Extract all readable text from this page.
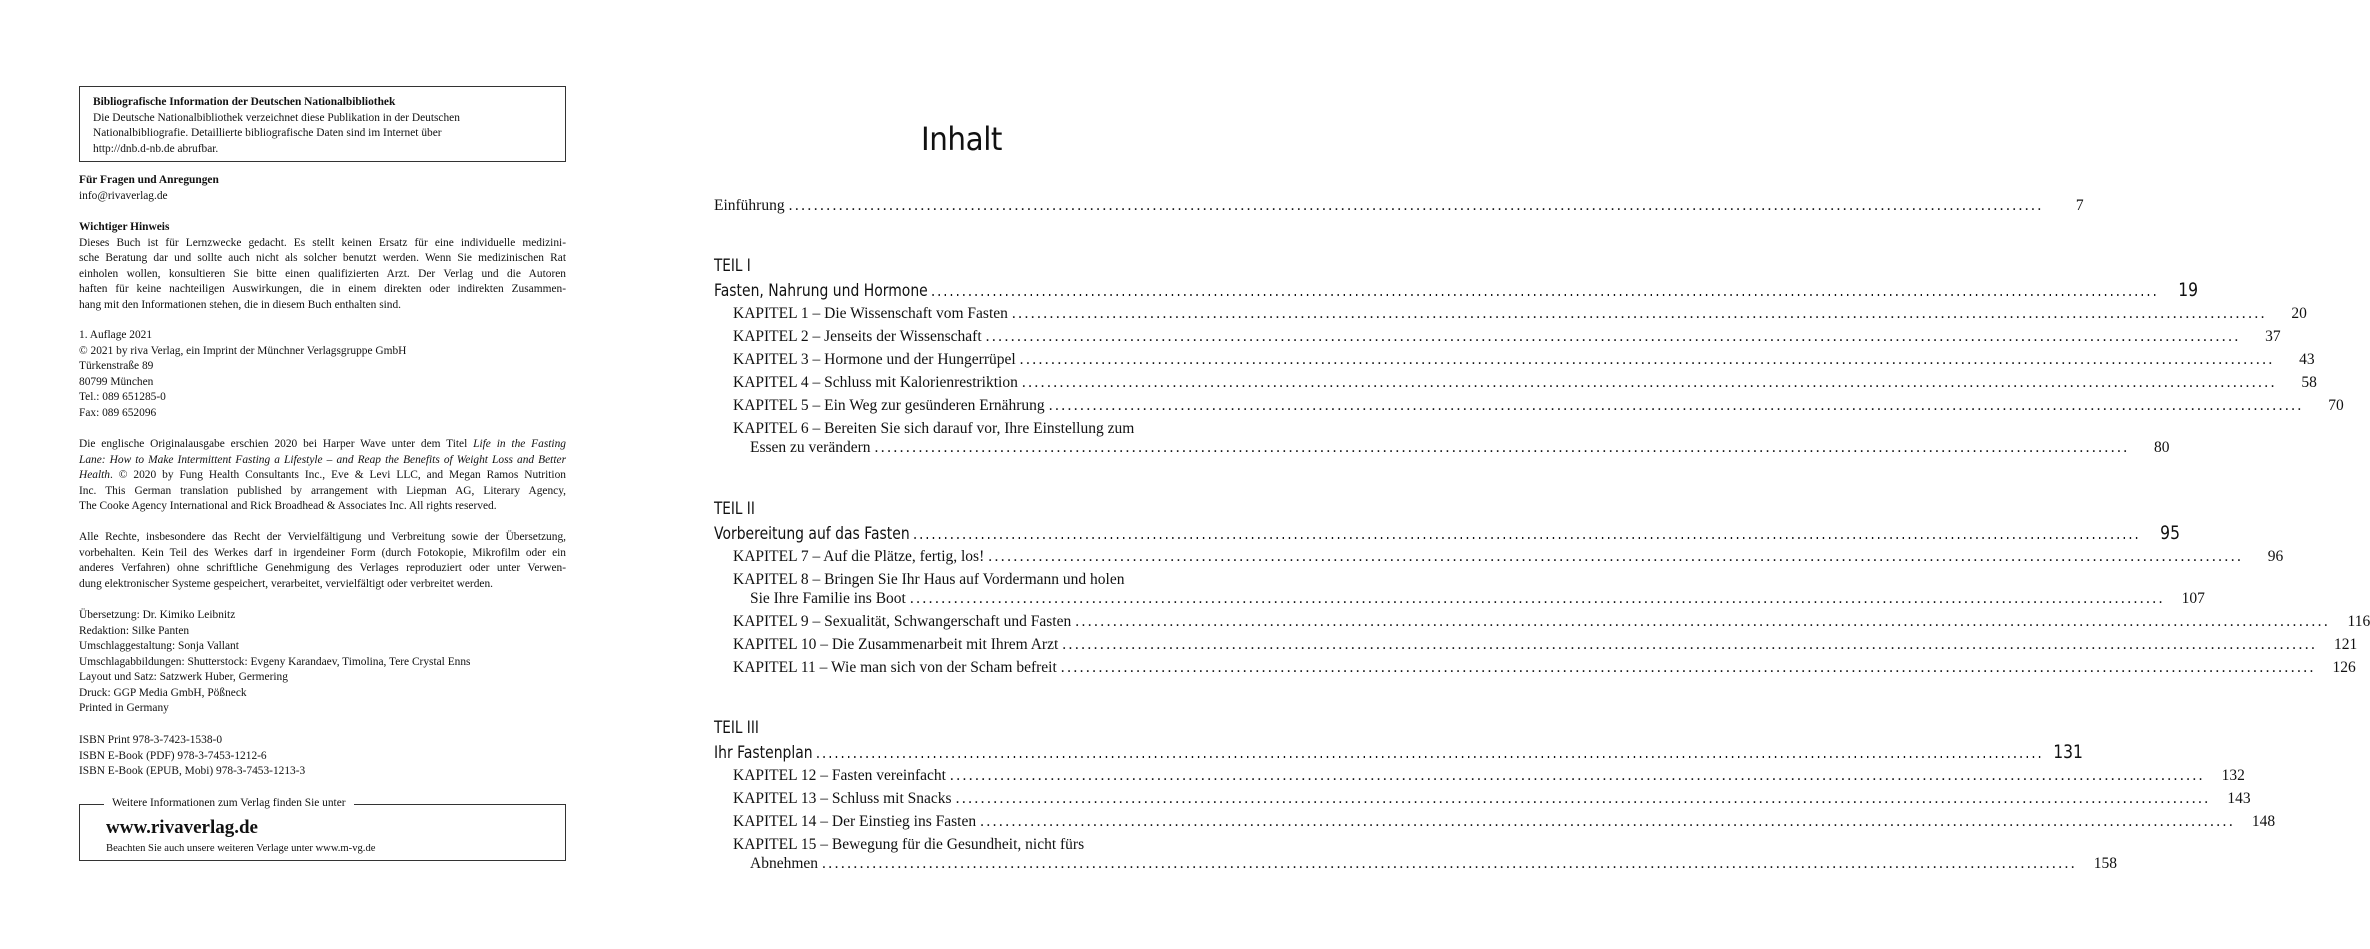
Bibliografische Information der Deutschen Nationalbibliothek
Die Deutsche Nationalbibliothek verzeichnet diese Publikation in der Deutschen
Nationalbibliografie. Detaillierte bibliografische Daten sind im Internet über
http://dnb.d-nb.de abrufbar.
Für Fragen und Anregungen
info@rivaverlag.de
Wichtiger Hinweis
Dieses Buch ist für Lernzwecke gedacht. Es stellt keinen Ersatz für eine individuelle medizini-
sche Beratung dar und sollte auch nicht als solcher benutzt werden. Wenn Sie medizinischen Rat
einholen wollen, konsultieren Sie bitte einen qualifizierten Arzt. Der Verlag und die Autoren
haften für keine nachteiligen Auswirkungen, die in einem direkten oder indirekten Zusammen-
hang mit den Informationen stehen, die in diesem Buch enthalten sind.
1. Auflage 2021
© 2021 by riva Verlag, ein Imprint der Münchner Verlagsgruppe GmbH
Türkenstraße 89
80799 München
Tel.: 089 651285-0
Fax: 089 652096
Die englische Originalausgabe erschien 2020 bei Harper Wave unter dem Titel Life in the Fasting
Lane: How to Make Intermittent Fasting a Lifestyle – and Reap the Benefits of Weight Loss and Better
Health. © 2020 by Fung Health Consultants Inc., Eve & Levi LLC, and Megan Ramos Nutrition
Inc. This German translation published by arrangement with Liepman AG, Literary Agency,
The Cooke Agency International and Rick Broadhead & Associates Inc. All rights reserved.
Alle Rechte, insbesondere das Recht der Vervielfältigung und Verbreitung sowie der Übersetzung,
vorbehalten. Kein Teil des Werkes darf in irgendeiner Form (durch Fotokopie, Mikrofilm oder ein
anderes Verfahren) ohne schriftliche Genehmigung des Verlages reproduziert oder unter Verwen-
dung elektronischer Systeme gespeichert, verarbeitet, vervielfältigt oder verbreitet werden.
Übersetzung: Dr. Kimiko Leibnitz
Redaktion: Silke Panten
Umschlaggestaltung: Sonja Vallant
Umschlagabbildungen: Shutterstock: Evgeny Karandaev, Timolina, Tere Crystal Enns
Layout und Satz: Satzwerk Huber, Germering
Druck: GGP Media GmbH, Pößneck
Printed in Germany
ISBN Print 978-3-7423-1538-0
ISBN E-Book (PDF) 978-3-7453-1212-6
ISBN E-Book (EPUB, Mobi) 978-3-7453-1213-3
Weitere Informationen zum Verlag finden Sie unter
www.rivaverlag.de
Beachten Sie auch unsere weiteren Verlage unter www.m-vg.de
Inhalt
Einführung ........................................................................................................................................................................................................	7
TEIL I
Fasten, Nahrung und Hormone ........................................................................................................................................................................................................	19
KAPITEL 1 – Die Wissenschaft vom Fasten ........................................................................................................................................................................................................	20
KAPITEL 2 – Jenseits der Wissenschaft ........................................................................................................................................................................................................	37
KAPITEL 3 – Hormone und der Hungerrüpel ........................................................................................................................................................................................................	43
KAPITEL 4 – Schluss mit Kalorienrestriktion ........................................................................................................................................................................................................	58
KAPITEL 5 – Ein Weg zur gesünderen Ernährung ........................................................................................................................................................................................................	70
KAPITEL 6 – Bereiten Sie sich darauf vor, Ihre Einstellung zum
Essen zu verändern ........................................................................................................................................................................................................	80
TEIL II
Vorbereitung auf das Fasten ........................................................................................................................................................................................................	95
KAPITEL 7 – Auf die Plätze, fertig, los! ........................................................................................................................................................................................................	96
KAPITEL 8 – Bringen Sie Ihr Haus auf Vordermann und holen
Sie Ihre Familie ins Boot ........................................................................................................................................................................................................	107
KAPITEL 9 – Sexualität, Schwangerschaft und Fasten ........................................................................................................................................................................................................	116
KAPITEL 10 – Die Zusammenarbeit mit Ihrem Arzt ........................................................................................................................................................................................................	121
KAPITEL 11 – Wie man sich von der Scham befreit ........................................................................................................................................................................................................	126
TEIL III
Ihr Fastenplan ........................................................................................................................................................................................................ 131
KAPITEL 12 – Fasten vereinfacht ........................................................................................................................................................................................................	132
KAPITEL 13 – Schluss mit Snacks ........................................................................................................................................................................................................	143
KAPITEL 14 – Der Einstieg ins Fasten ........................................................................................................................................................................................................	148
KAPITEL 15 – Bewegung für die Gesundheit, nicht fürs
Abnehmen ........................................................................................................................................................................................................	158
